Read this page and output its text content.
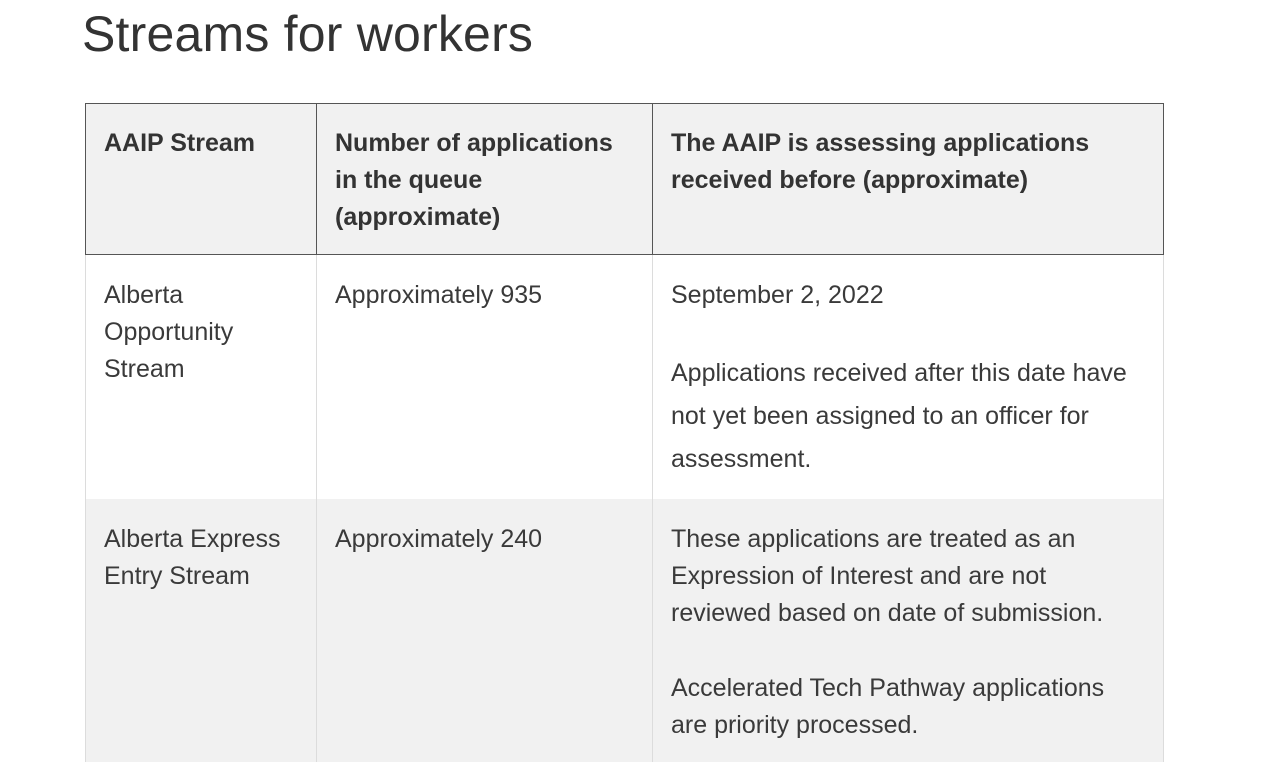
Streams for workers
AAIP Stream	Number of applications in the queue (approximate)	The AAIP is assessing applications received before (approximate)

Alberta Opportunity Stream	Approximately 935	September 2, 2022
Applications received after this date have not yet been assigned to an officer for assessment.

Alberta Express Entry Stream	Approximately 240	These applications are treated as an Expression of Interest and are not reviewed based on date of submission.
Accelerated Tech Pathway applications are priority processed.
